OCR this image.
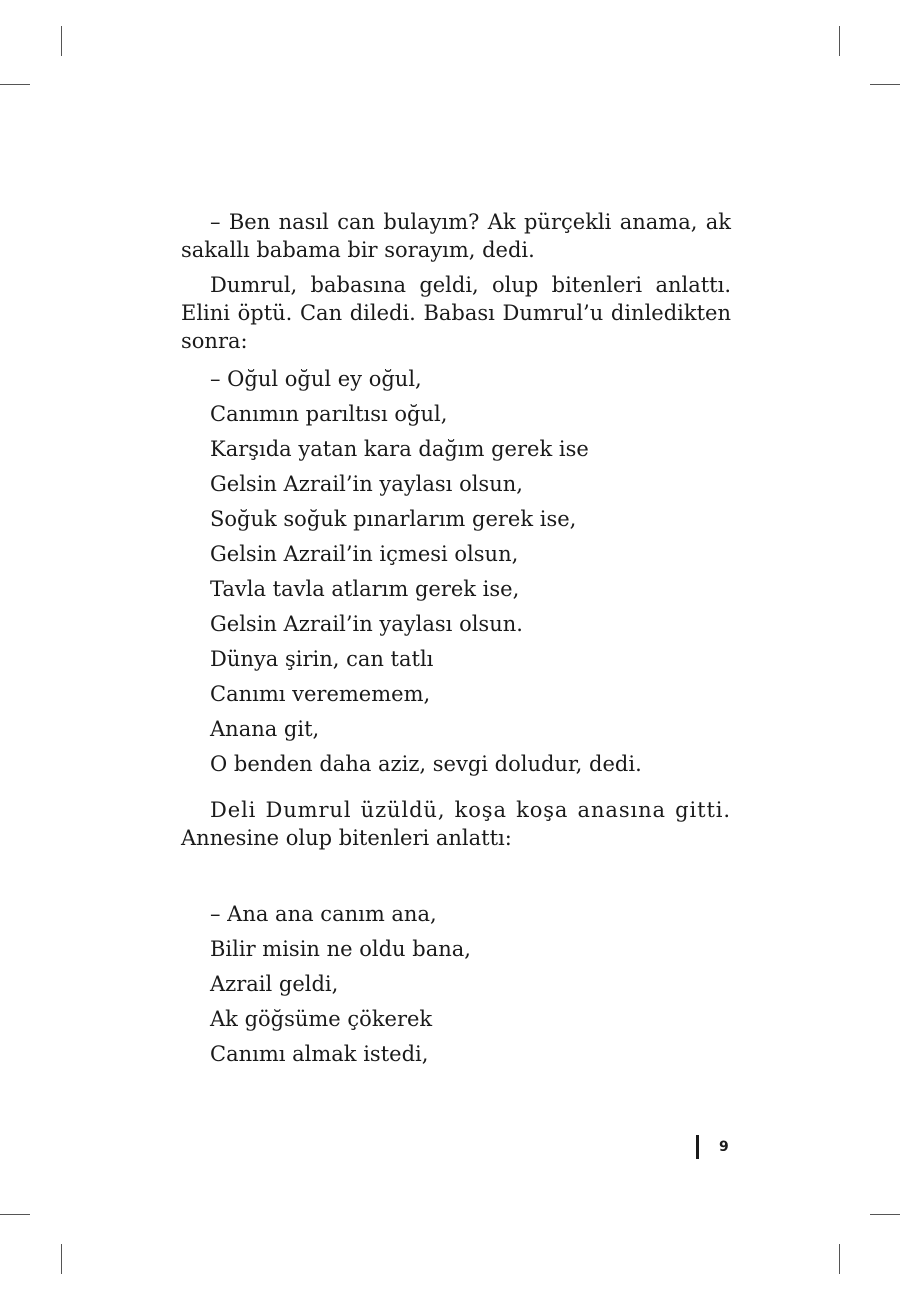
– Ben nasıl can bulayım? Ak pürçekli anama, ak sakallı babama bir sorayım, dedi.

Dumrul, babasına geldi, olup bitenleri anlattı. Elini öptü. Can diledi. Babası Dumrul’u dinledikten sonra:

– Oğul oğul ey oğul,

Canımın parıltısı oğul,

Karşıda yatan kara dağım gerek ise

Gelsin Azrail’in yaylası olsun,

Soğuk soğuk pınarlarım gerek ise,

Gelsin Azrail’in içmesi olsun,

Tavla tavla atlarım gerek ise,

Gelsin Azrail’in yaylası olsun.

Dünya şirin, can tatlı

Canımı verememem,

Anana git,

O benden daha aziz, sevgi doludur, dedi.

Deli Dumrul üzüldü, koşa koşa anasına gitti. Annesine olup bitenleri anlattı:

– Ana ana canım ana,

Bilir misin ne oldu bana,

Azrail geldi,

Ak göğsüme çökerek

Canımı almak istedi,

9
